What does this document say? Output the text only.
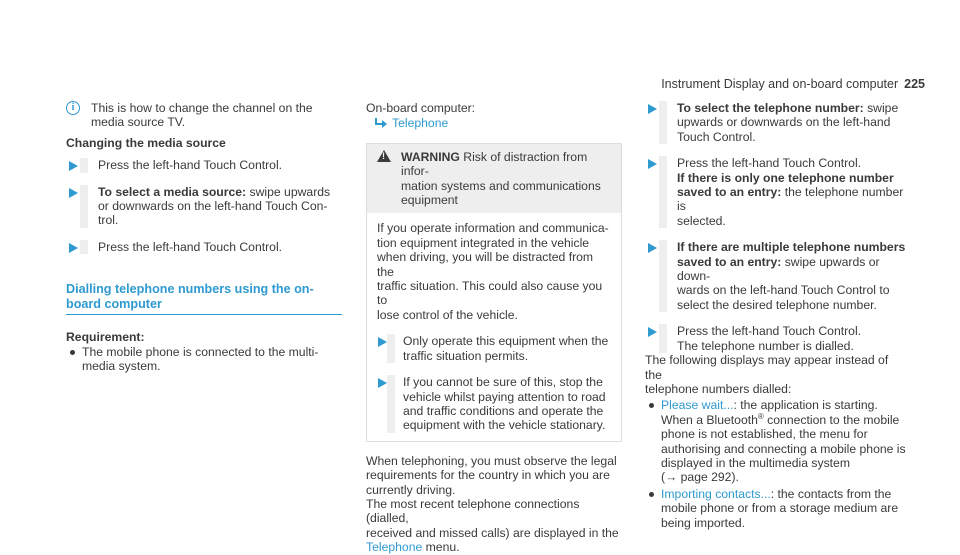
Instrument Display and on-board computer 225
i	This is how to change the channel on the

media source TV.

Changing the media source

Press the left-hand Touch Control.

To select a media source: swipe upwards

or downwards on the left-hand Touch Con-

trol.

Press the left-hand Touch Control.

Dialling telephone numbers using the on-

board computer

Requirement:

The mobile phone is connected to the multi-

media system.

On-board computer:

Telephone

! WARNING Risk of distraction from infor-

mation systems and communications

equipment

If you operate information and communica-

tion equipment integrated in the vehicle

when driving, you will be distracted from the

traffic situation. This could also cause you to

lose control of the vehicle.

Only operate this equipment when the

traffic situation permits.

If you cannot be sure of this, stop the

vehicle whilst paying attention to road

and traffic conditions and operate the

equipment with the vehicle stationary.

When telephoning, you must observe the legal

requirements for the country in which you are

currently driving.

The most recent telephone connections (dialled,

received and missed calls) are displayed in the

Telephone menu.

To select the telephone number: swipe

upwards or downwards on the left-hand

Touch Control.

Press the left-hand Touch Control.

If there is only one telephone number

saved to an entry: the telephone number is

selected.

If there are multiple telephone numbers

saved to an entry: swipe upwards or down-

wards on the left-hand Touch Control to

select the desired telephone number.

Press the left-hand Touch Control.

The telephone number is dialled.

The following displays may appear instead of the

telephone numbers dialled:

Please wait...: the application is starting.

When a Bluetooth® connection to the mobile

phone is not established, the menu for

authorising and connecting a mobile phone is

displayed in the multimedia system

(→ page 292).

Importing contacts...: the contacts from the

mobile phone or from a storage medium are

being imported.
